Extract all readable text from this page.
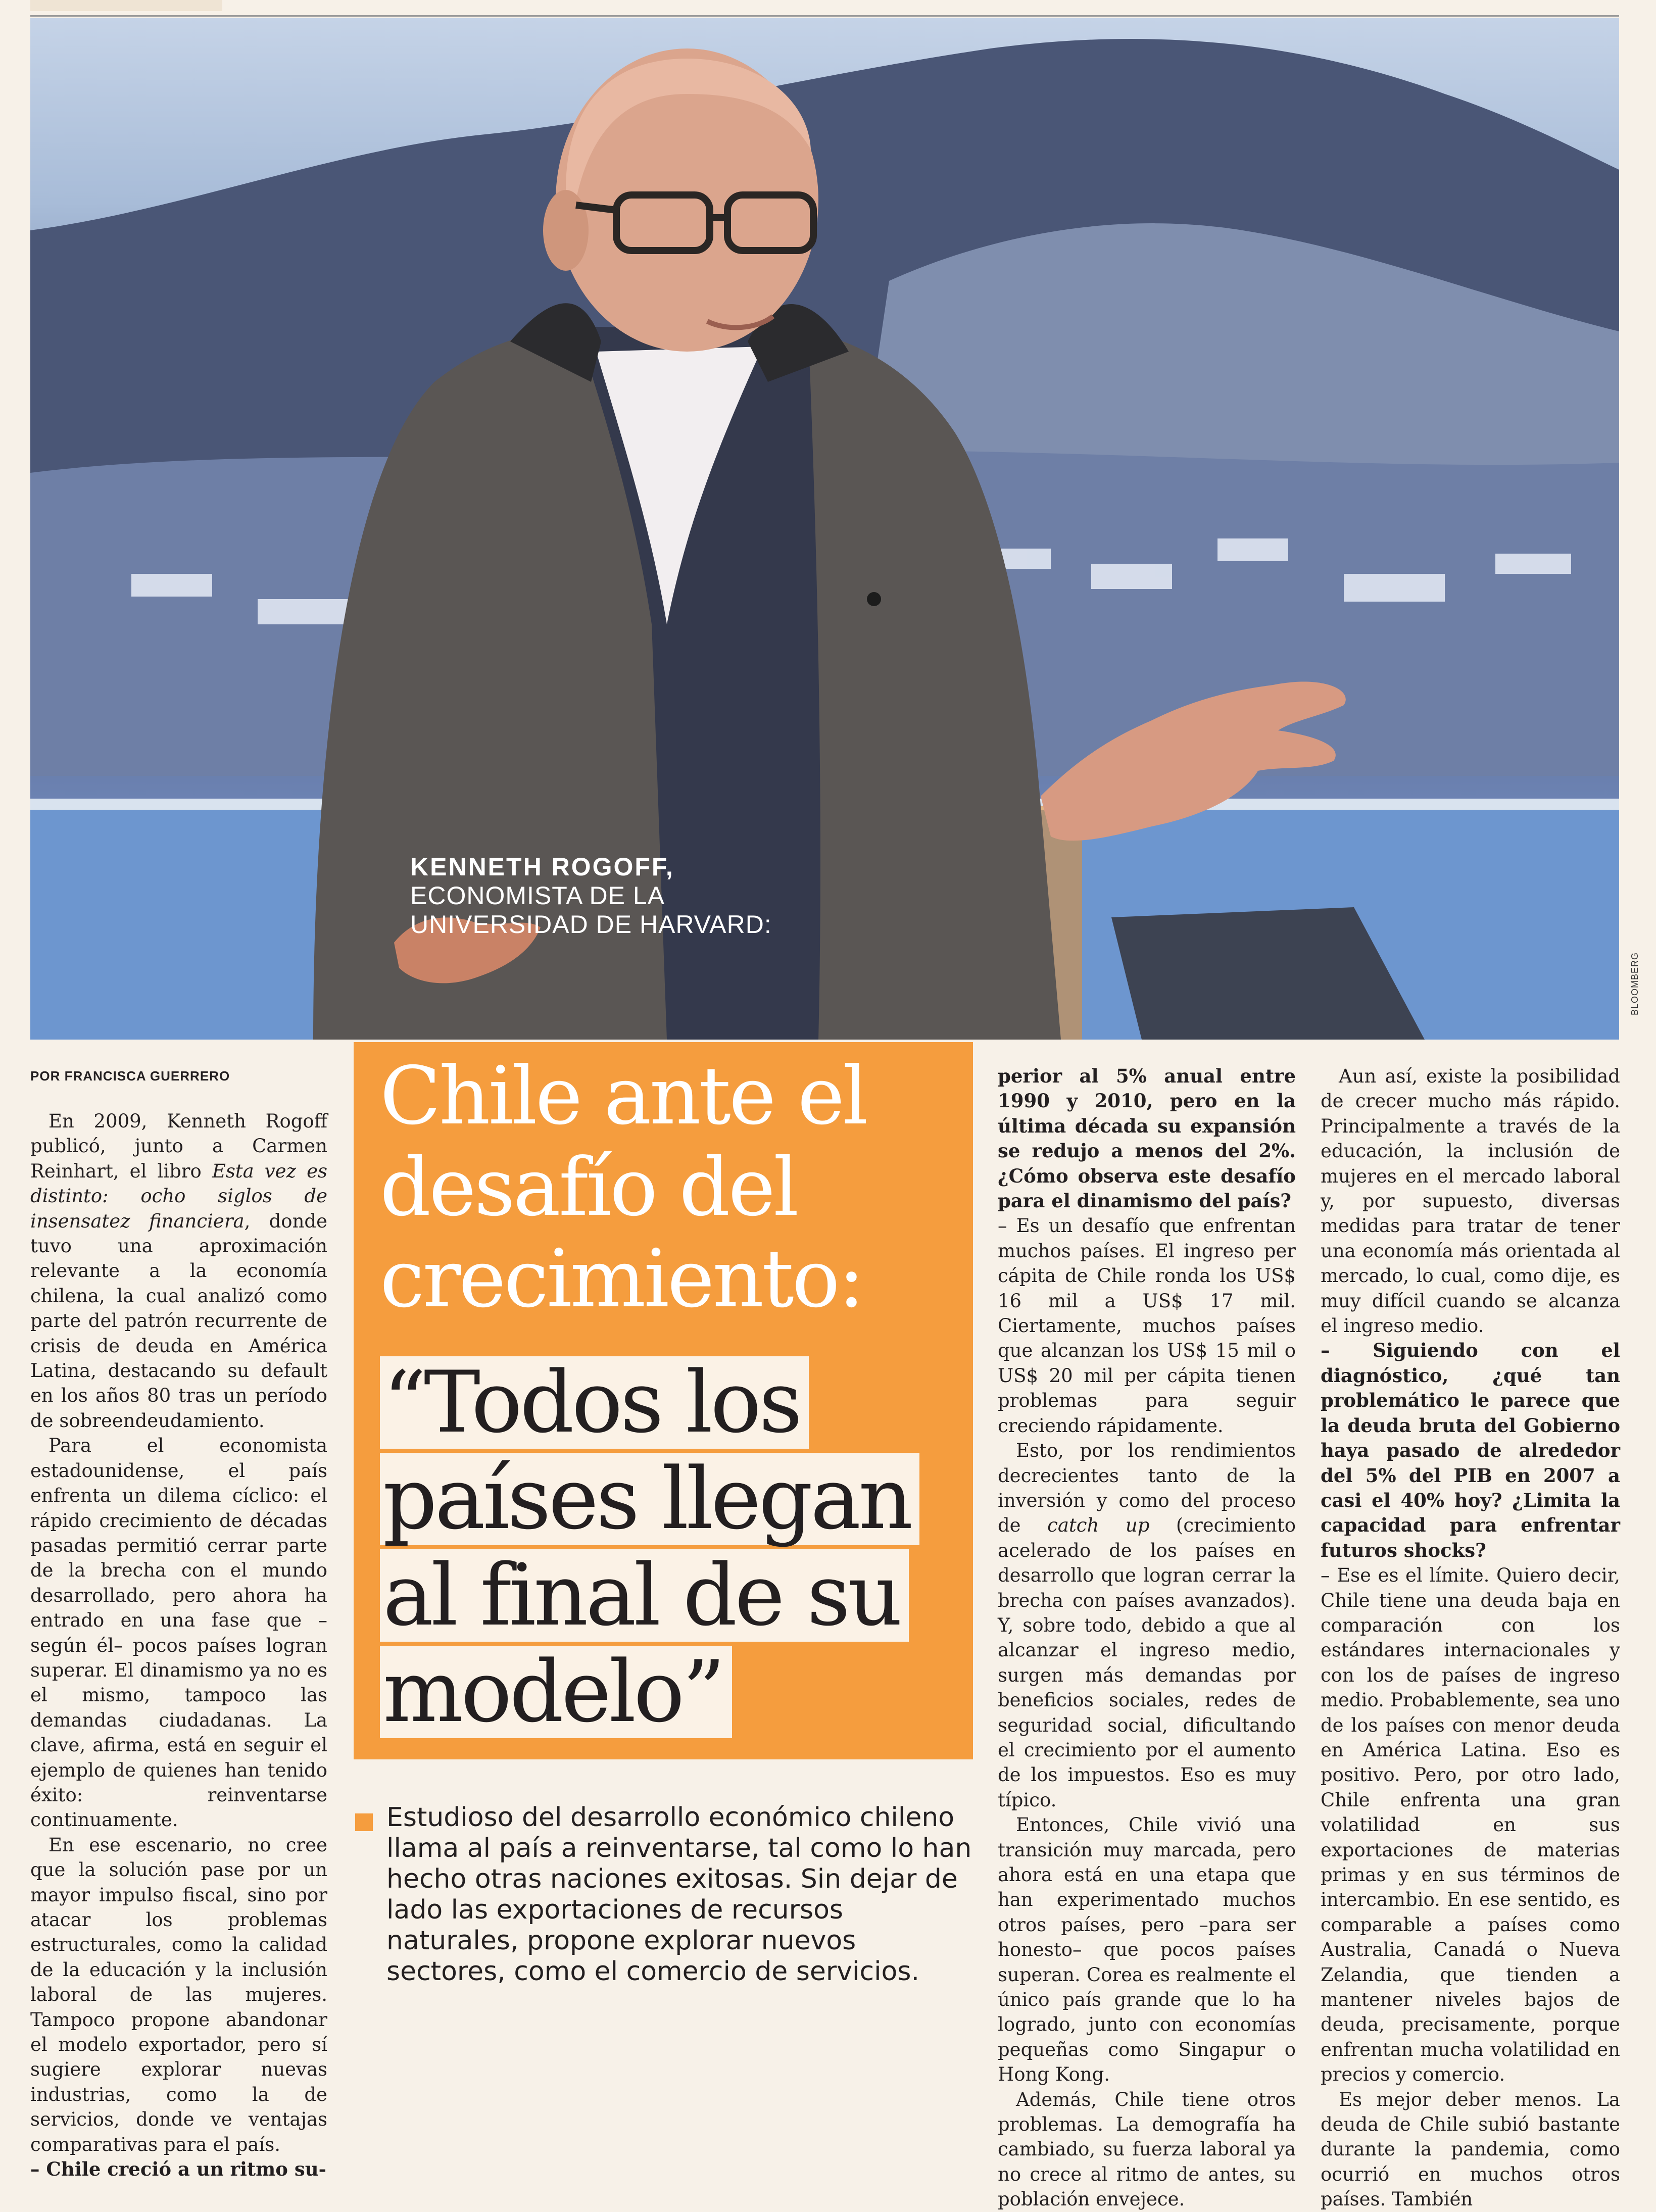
KENNETH ROGOFF,
ECONOMISTA DE LA
UNIVERSIDAD DE HARVARD:
BLOOMBERG
POR FRANCISCA GUERRERO

En 2009, Kenneth Rogoff publicó, junto a Carmen Reinhart, el libro Esta vez es distinto: ocho siglos de insensatez financiera, donde tuvo una aproximación relevante a la economía chilena, la cual analizó como parte del patrón recurrente de crisis de deuda en América Latina, destacando su default en los años 80 tras un período de sobreendeudamiento.

Para el economista estadounidense, el país enfrenta un dilema cíclico: el rápido crecimiento de décadas pasadas permitió cerrar parte de la brecha con el mundo desarrollado, pero ahora ha entrado en una fase que –según él– pocos países logran superar. El dinamismo ya no es el mismo, tampoco las demandas ciudadanas. La clave, afirma, está en seguir el ejemplo de quienes han tenido éxito: reinventarse continuamente.

En ese escenario, no cree que la solución pase por un mayor impulso fiscal, sino por atacar los problemas estructurales, como la calidad de la educación y la inclusión laboral de las mujeres. Tampoco propone abandonar el modelo exportador, pero sí sugiere explorar nuevas industrias, como la de servicios, donde ve ventajas comparativas para el país.

– Chile creció a un ritmo su-

Chile ante el
desafío del
crecimiento:
“Todos los
países llegan
al final de su
modelo”
Estudioso del desarrollo económico chileno llama al país a reinventarse, tal como lo han hecho otras naciones exitosas. Sin dejar de lado las exportaciones de recursos naturales, propone explorar nuevos sectores, como el comercio de servicios.

perior al 5% anual entre 1990 y 2010, pero en la última década su expansión se redujo a menos del 2%. ¿Cómo observa este desafío para el dinamismo del país?

– Es un desafío que enfrentan muchos países. El ingreso per cápita de Chile ronda los US$ 16 mil a US$ 17 mil. Ciertamente, muchos países que alcanzan los US$ 15 mil o US$ 20 mil per cápita tienen problemas para seguir creciendo rápidamente.

Esto, por los rendimientos decrecientes tanto de la inversión y como del proceso de catch up (crecimiento acelerado de los países en desarrollo que logran cerrar la brecha con países avanzados). Y, sobre todo, debido a que al alcanzar el ingreso medio, surgen más demandas por beneficios sociales, redes de seguridad social, dificultando el crecimiento por el aumento de los impuestos. Eso es muy típico.

Entonces, Chile vivió una transición muy marcada, pero ahora está en una etapa que han experimentado muchos otros países, pero –para ser honesto– que pocos países superan. Corea es realmente el único país grande que lo ha logrado, junto con economías pequeñas como Singapur o Hong Kong.

Además, Chile tiene otros problemas. La demografía ha cambiado, su fuerza laboral ya no crece al ritmo de antes, su población envejece.

Aun así, existe la posibilidad de crecer mucho más rápido. Principalmente a través de la educación, la inclusión de mujeres en el mercado laboral y, por supuesto, diversas medidas para tratar de tener una economía más orientada al mercado, lo cual, como dije, es muy difícil cuando se alcanza el ingreso medio.

– Siguiendo con el diagnóstico, ¿qué tan problemático le parece que la deuda bruta del Gobierno haya pasado de alrededor del 5% del PIB en 2007 a casi el 40% hoy? ¿Limita la capacidad para enfrentar futuros shocks?

– Ese es el límite. Quiero decir, Chile tiene una deuda baja en comparación con los estándares internacionales y con los de países de ingreso medio. Probablemente, sea uno de los países con menor deuda en América Latina. Eso es positivo. Pero, por otro lado, Chile enfrenta una gran volatilidad en sus exportaciones de materias primas y en sus términos de intercambio. En ese sentido, es comparable a países como Australia, Canadá o Nueva Zelandia, que tienden a mantener niveles bajos de deuda, precisamente, porque enfrentan mucha volatilidad en precios y comercio.

Es mejor deber menos. La deuda de Chile subió bastante durante la pandemia, como ocurrió en muchos otros países. También
